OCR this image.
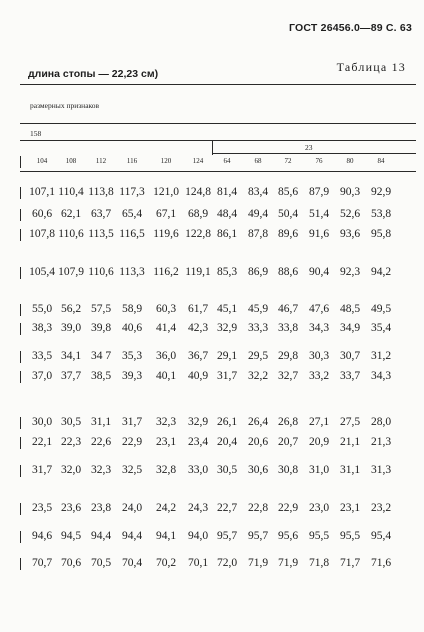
ГОСТ 26456.0—89 С. 63
Таблица 13
длина стопы — 22,23 см)
размерных признаков
158
23
104	108	112	116	120	124	64	68	72	76	80	84
107,1 110,4 113,8 117,3 121,0 124,8 81,4 83,4 85,6 87,9 90,3 92,9
60,6 62,1 63,7 65,4 67,1 68,9 48,4 49,4 50,4 51,4 52,6 53,8
107,8 110,6 113,5 116,5 119,6 122,8 86,1 87,8 89,6 91,6 93,6 95,8
105,4 107,9 110,6 113,3 116,2 119,1 85,3 86,9 88,6 90,4 92,3 94,2
55,0 56,2 57,5 58,9 60,3 61,7 45,1 45,9 46,7 47,6 48,5 49,5
38,3 39,0 39,8 40,6 41,4 42,3 32,9 33,3 33,8 34,3 34,9 35,4
33,5 34,1 34 7 35,3 36,0 36,7 29,1 29,5 29,8 30,3 30,7 31,2
37,0 37,7 38,5 39,3 40,1 40,9 31,7 32,2 32,7 33,2 33,7 34,3
30,0 30,5 31,1 31,7 32,3 32,9 26,1 26,4 26,8 27,1 27,5 28,0
22,1 22,3 22,6 22,9 23,1 23,4 20,4 20,6 20,7 20,9 21,1 21,3
31,7 32,0 32,3 32,5 32,8 33,0 30,5 30,6 30,8 31,0 31,1 31,3
23,5 23,6 23,8 24,0 24,2 24,3 22,7 22,8 22,9 23,0 23,1 23,2
94,6 94,5 94,4 94,4 94,1 94,0 95,7 95,7 95,6 95,5 95,5 95,4
70,7 70,6 70,5 70,4 70,2 70,1 72,0 71,9 71,9 71,8 71,7 71,6
